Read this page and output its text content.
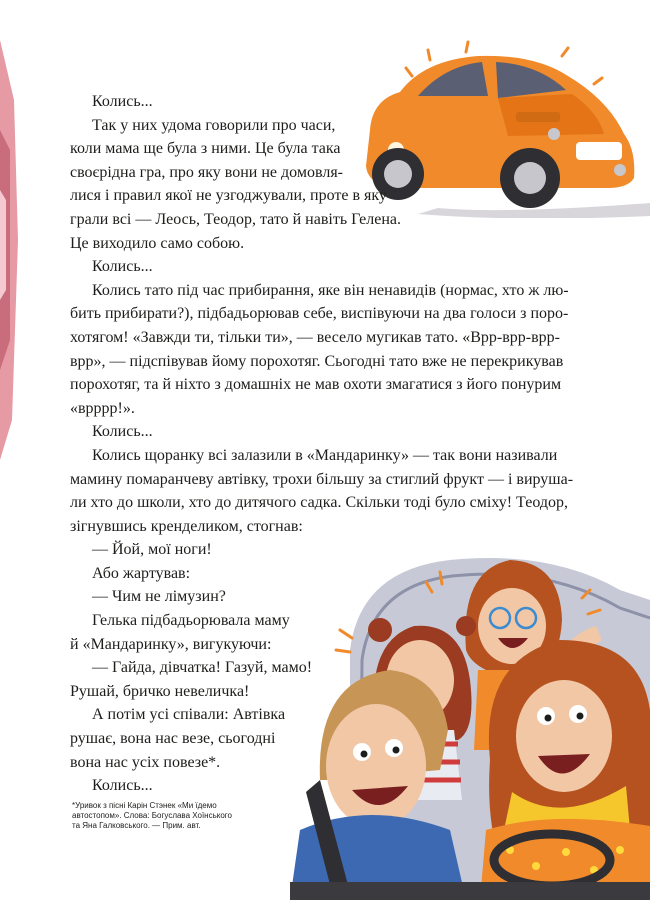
Колись...

Так у них удома говорили про часи,

коли мама ще була з ними. Це була така

своєрідна гра, про яку вони не домовля-

лися і правил якої не узгоджували, проте в яку

грали всі — Леось, Теодор, тато й навіть Гелена.

Це виходило само собою.

Колись...

Колись тато під час прибирання, яке він ненавидів (нормас, хто ж лю-

бить прибирати?), підбадьорював себе, виспівуючи на два голоси з поро-

хотягом! «Завжди ти, тільки ти», — весело мугикав тато. «Врр-врр-врр-

врр», — підспівував йому порохотяг. Сьогодні тато вже не перекрикував

порохотяг, та й ніхто з домашніх не мав охоти змагатися з його понурим

«врррр!».

Колись...

Колись щоранку всі залазили в «Мандаринку» — так вони називали

мамину помаранчеву автівку, трохи більшу за стиглий фрукт — і вируша-

ли хто до школи, хто до дитячого садка. Скільки тоді було сміху! Теодор,

зігнувшись кренделиком, стогнав:

— Йой, мої ноги!

Або жартував:

— Чим не лімузин?

Гелька підбадьорювала маму

й «Мандаринку», вигукуючи:

— Гайда, дівчатка! Газуй, мамо!

Рушай, бричко невеличка!

А потім усі співали: Автівка

рушає, вона нас везе, сьогодні

вона нас усіх повезе*.

Колись...

*Уривок з пісні Карін Стэнек «Ми їдемо
автостопом». Слова: Богуслава Хоїнського
та Яна Галковського. — Прим. авт.
